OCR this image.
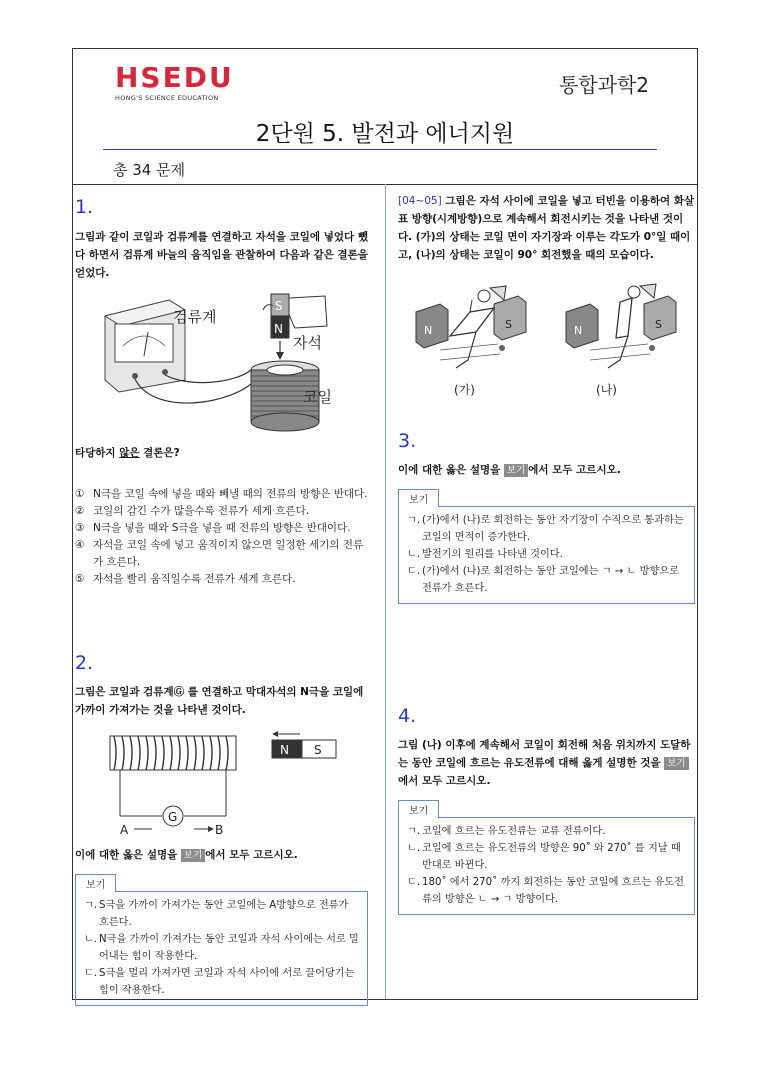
HSEDU
HONG'S SCIENCE EDUCATION
통합과학2
2단원 5. 발전과 에너지원
총 34 문제
1.
그림과 같이 코일과 검류계를 연결하고 자석을 코일에 넣었다 뺐다 하면서 검류계 바늘의 움직임을 관찰하여 다음과 같은 결론을 얻었다.
검류계
코일
S
N
자석
타당하지 않은 결론은?
① N극을 코일 속에 넣을 때와 빼낼 때의 전류의 방향은 반대다.
② 코일의 감긴 수가 많을수록 전류가 세게 흐른다.
③ N극을 넣을 때와 S극을 넣을 때 전류의 방향은 반대이다.
④ 자석을 코일 속에 넣고 움직이지 않으면 일정한 세기의 전류가 흐른다.
⑤ 자석을 빨리 움직일수록 전류가 세게 흐른다.
2.
그림은 코일과 검류계Ⓖ 를 연결하고 막대자석의 N극을 코일에 가까이 가져가는 것을 나타낸 것이다.
G
A	B
N S
이에 대한 옳은 설명을 보기 에서 모두 고르시오.
보기
ㄱ. S극을 가까이 가져가는 동안 코일에는 A방향으로 전류가 흐른다.
ㄴ. N극을 가까이 가져가는 동안 코일과 자석 사이에는 서로 밀어내는 힘이 작용한다.
ㄷ. S극을 멀리 가져가면 코일과 자석 사이에 서로 끌어당기는 힘이 작용한다.
[04~05] 그림은 자석 사이에 코일을 넣고 터빈을 이용하여 화살표 방향(시계방향)으로 계속해서 회전시키는 것을 나타낸 것이다. (가)의 상태는 코일 면이 자기장과 이루는 각도가 0°일 때이고, (나)의 상태는 코일이 90° 회전했을 때의 모습이다.
N	S
(가)
N	S
(나)
3.
이에 대한 옳은 설명을 보기 에서 모두 고르시오.
보기
ㄱ. (가)에서 (나)로 회전하는 동안 자기장이 수직으로 통과하는 코일의 면적이 증가한다.
ㄴ. 발전기의 원리를 나타낸 것이다.
ㄷ. (가)에서 (나)로 회전하는 동안 코일에는 ㄱ → ㄴ 방향으로 전류가 흐른다.
4.
그림 (나) 이후에 계속해서 코일이 회전해 처음 위치까지 도달하는 동안 코일에 흐르는 유도전류에 대해 옳게 설명한 것을 보기에서 모두 고르시오.
보기
ㄱ. 코일에 흐르는 유도전류는 교류 전류이다.
ㄴ. 코일에 흐르는 유도전류의 방향은 90˚ 와 270˚ 를 지날 때 반대로 바뀐다.
ㄷ. 180˚ 에서 270˚ 까지 회전하는 동안 코일에 흐르는 유도전류의 방향은 ㄴ → ㄱ 방향이다.
